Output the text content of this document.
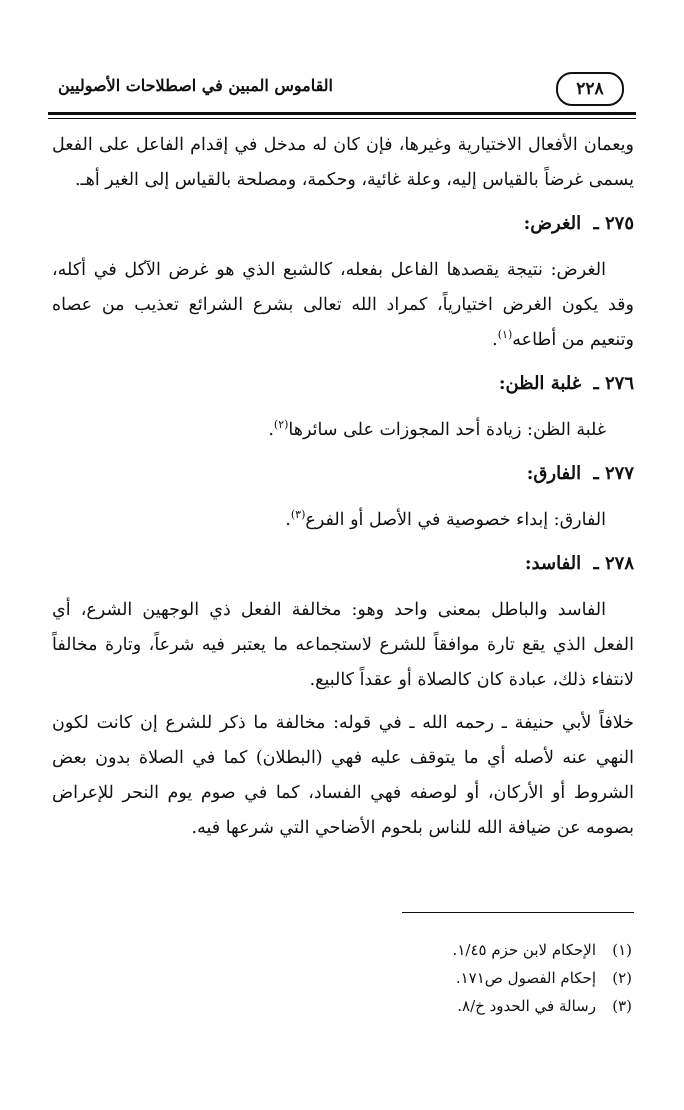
٢٢٨
القاموس المبين في اصطلاحات الأصوليين

ويعمان الأفعال الاختيارية وغيرها، فإن كان له مدخل في إقدام الفاعل على الفعل يسمى غرضاً بالقياس إليه، وعلة غائية، وحكمة، ومصلحة بالقياس إلى الغير أهـ.

٢٧٥ ـ الغرض:

الغرض: نتيجة يقصدها الفاعل بفعله، كالشبع الذي هو غرض الآكل في أكله، وقد يكون الغرض اختيارياً، كمراد الله تعالى بشرع الشرائع تعذيب من عصاه وتنعيم من أطاعه$^{(١)}$.

٢٧٦ ـ غلبة الظن:

غلبة الظن: زيادة أحد المجوزات على سائرها$^{(٢)}$.

٢٧٧ ـ الفارق:

الفارق: إبداء خصوصية في الأصل أو الفرع$^{(٣)}$.

٢٧٨ ـ الفاسد:

الفاسد والباطل بمعنى واحد وهو: مخالفة الفعل ذي الوجهين الشرع، أي الفعل الذي يقع تارة موافقاً للشرع لاستجماعه ما يعتبر فيه شرعاً، وتارة مخالفاً لانتفاء ذلك، عبادة كان كالصلاة أو عقداً كالبيع.

خلافاً لأبي حنيفة ـ رحمه الله ـ في قوله: مخالفة ما ذكر للشرع إن كانت لكون النهي عنه لأصله أي ما يتوقف عليه فهي (البطلان) كما في الصلاة بدون بعض الشروط أو الأركان، أو لوصفه فهي الفساد، كما في صوم يوم النحر للإعراض بصومه عن ضيافة الله للناس بلحوم الأضاحي التي شرعها فيه.

(١)الإحكام لابن حزم ١/٤٥.
(٢)إحكام الفصول ص١٧١.
(٣)رسالة في الحدود خ/٨.
